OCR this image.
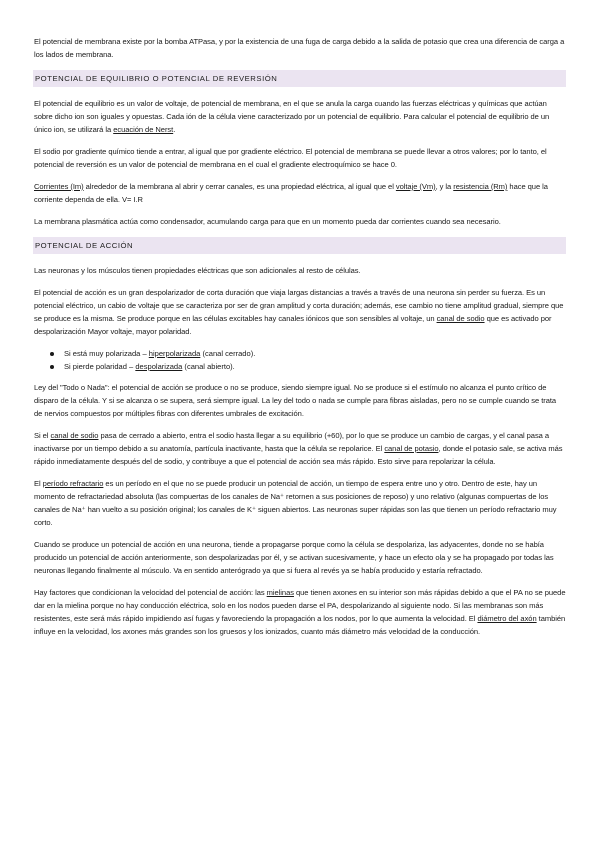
El potencial de membrana existe por la bomba ATPasa, y por la existencia de una fuga de carga debido a la salida de potasio que crea una diferencia de carga a los lados de membrana.

POTENCIAL DE EQUILIBRIO O POTENCIAL DE REVERSIÓN

El potencial de equilibrio es un valor de voltaje, de potencial de membrana, en el que se anula la carga cuando las fuerzas eléctricas y químicas que actúan sobre dicho ion son iguales y opuestas. Cada ión de la célula viene caracterizado por un potencial de equilibrio. Para calcular el potencial de equilibrio de un único ion, se utilizará la ecuación de Nerst.

El sodio por gradiente químico tiende a entrar, al igual que por gradiente eléctrico. El potencial de membrana se puede llevar a otros valores; por lo tanto, el potencial de reversión es un valor de potencial de membrana en el cual el gradiente electroquímico se hace 0.

Corrientes (Im) alrededor de la membrana al abrir y cerrar canales, es una propiedad eléctrica, al igual que el voltaje (Vm), y la resistencia (Rm) hace que la corriente dependa de ella. V= I.R

La membrana plasmática actúa como condensador, acumulando carga para que en un momento pueda dar corrientes cuando sea necesario.

POTENCIAL DE ACCIÓN

Las neuronas y los músculos tienen propiedades eléctricas que son adicionales al resto de células.

El potencial de acción es un gran despolarizador de corta duración que viaja largas distancias a través a través de una neurona sin perder su fuerza. Es un potencial eléctrico, un cabio de voltaje que se caracteriza por ser de gran amplitud y corta duración; además, ese cambio no tiene amplitud gradual, siempre que se produce es la misma. Se produce porque en las células excitables hay canales iónicos que son sensibles al voltaje, un canal de sodio que es activado por despolarización Mayor voltaje, mayor polaridad.

Si está muy polarizada – hiperpolarizada (canal cerrado).
Si pierde polaridad – despolarizada (canal abierto).

Ley del "Todo o Nada": el potencial de acción se produce o no se produce, siendo siempre igual. No se produce si el estímulo no alcanza el punto crítico de disparo de la célula. Y si se alcanza o se supera, será siempre igual. La ley del todo o nada se cumple para fibras aisladas, pero no se cumple cuando se trata de nervios compuestos por múltiples fibras con diferentes umbrales de excitación.

Si el canal de sodio pasa de cerrado a abierto, entra el sodio hasta llegar a su equilibrio (+60), por lo que se produce un cambio de cargas, y el canal pasa a inactivarse por un tiempo debido a su anatomía, partícula inactivante, hasta que la célula se repolarice. El canal de potasio, donde el potasio sale, se activa más rápido inmediatamente después del de sodio, y contribuye a que el potencial de acción sea más rápido. Esto sirve para repolarizar la célula.

El período refractario es un período en el que no se puede producir un potencial de acción, un tiempo de espera entre uno y otro. Dentro de este, hay un momento de refractariedad absoluta (las compuertas de los canales de Na⁺ retornen a sus posiciones de reposo) y uno relativo (algunas compuertas de los canales de Na⁺ han vuelto a su posición original; los canales de K⁺ siguen abiertos. Las neuronas super rápidas son las que tienen un período refractario muy corto.

Cuando se produce un potencial de acción en una neurona, tiende a propagarse porque como la célula se despolariza, las adyacentes, donde no se había producido un potencial de acción anteriormente, son despolarizadas por él, y se activan sucesivamente, y hace un efecto ola y se ha propagado por todas las neuronas llegando finalmente al músculo. Va en sentido anterógrado ya que si fuera al revés ya se había producido y estaría refractado.

Hay factores que condicionan la velocidad del potencial de acción: las mielinas que tienen axones en su interior son más rápidas debido a que el PA no se puede dar en la mielina porque no hay conducción eléctrica, solo en los nodos pueden darse el PA, despolarizando al siguiente nodo. Si las membranas son más resistentes, este será más rápido impidiendo así fugas y favoreciendo la propagación a los nodos, por lo que aumenta la velocidad. El diámetro del axón también influye en la velocidad, los axones más grandes son los gruesos y los ionizados, cuanto más diámetro más velocidad de la conducción.
